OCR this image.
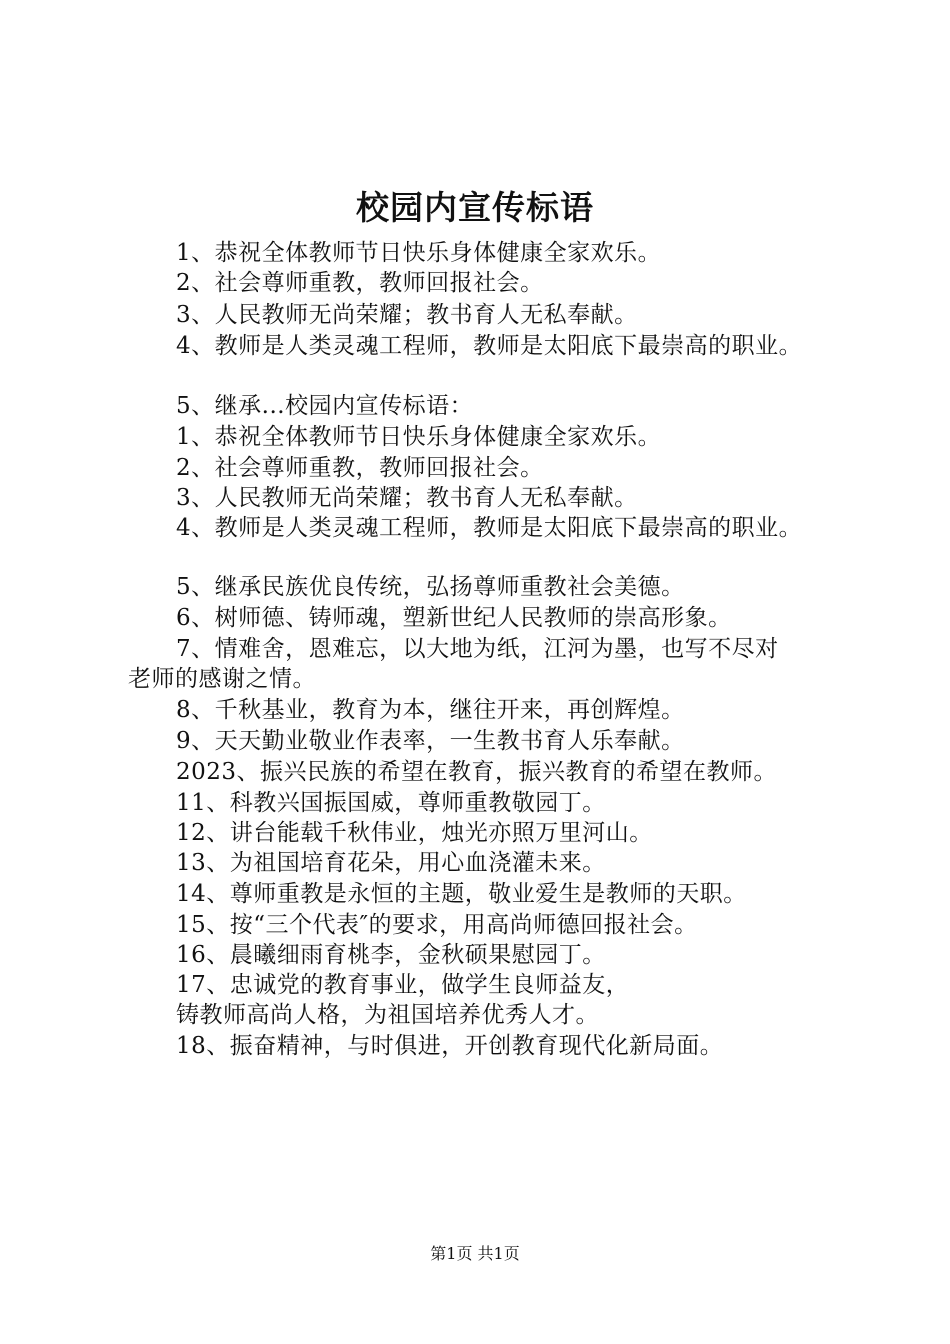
校园内宣传标语
1、恭祝全体教师节日快乐身体健康全家欢乐。
2、社会尊师重教，教师回报社会。
3、人民教师无尚荣耀；教书育人无私奉献。
4、教师是人类灵魂工程师，教师是太阳底下最崇高的职业。
5、继承...校园内宣传标语：
1、恭祝全体教师节日快乐身体健康全家欢乐。
2、社会尊师重教，教师回报社会。
3、人民教师无尚荣耀；教书育人无私奉献。
4、教师是人类灵魂工程师，教师是太阳底下最崇高的职业。
5、继承民族优良传统，弘扬尊师重教社会美德。
6、树师德、铸师魂，塑新世纪人民教师的崇高形象。
7、情难舍，恩难忘，以大地为纸，江河为墨，也写不尽对
老师的感谢之情。
8、千秋基业，教育为本，继往开来，再创辉煌。
9、天天勤业敬业作表率，一生教书育人乐奉献。
2023、振兴民族的希望在教育，振兴教育的希望在教师。
11、科教兴国振国威，尊师重教敬园丁。
12、讲台能载千秋伟业，烛光亦照万里河山。
13、为祖国培育花朵，用心血浇灌未来。
14、尊师重教是永恒的主题，敬业爱生是教师的天职。
15、按“三个代表″的要求，用高尚师德回报社会。
16、晨曦细雨育桃李，金秋硕果慰园丁。
17、忠诚党的教育事业，做学生良师益友，
铸教师高尚人格，为祖国培养优秀人才。
18、振奋精神，与时俱进，开创教育现代化新局面。
第1页 共1页
